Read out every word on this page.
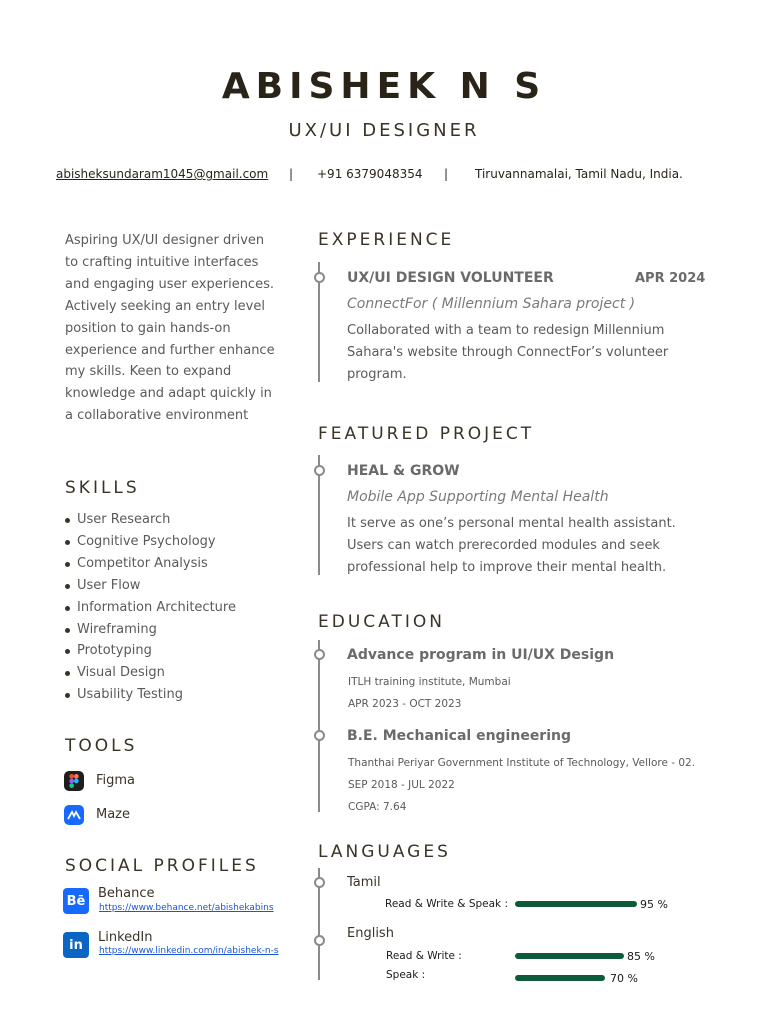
ABISHEK N S
UX/UI DESIGNER
abisheksundaram1045@gmail.com | +91 6379048354 | Tiruvannamalai, Tamil Nadu, India.

Aspiring UX/UI designer driven to crafting intuitive interfaces and engaging user experiences. Actively seeking an entry level position to gain hands-on experience and further enhance my skills. Keen to expand knowledge and adapt quickly in a collaborative environment

SKILLS
User Research
Cognitive Psychology
Competitor Analysis
User Flow
Information Architecture
Wireframing
Prototyping
Visual Design
Usability Testing
TOOLS
Figma
Maze
SOCIAL PROFILES
Bē Behance
https://www.behance.net/abishekabins
in	LinkedIn
https://www.linkedin.com/in/abishek-n-s
EXPERIENCE
UX/UI DESIGN VOLUNTEER	APR 2024
ConnectFor ( Millennium Sahara project )
Collaborated with a team to redesign Millennium Sahara's website through ConnectFor’s volunteer program.
FEATURED PROJECT
HEAL & GROW
Mobile App Supporting Mental Health
It serve as one’s personal mental health assistant. Users can watch prerecorded modules and seek professional help to improve their mental health.
EDUCATION
Advance program in UI/UX Design
ITLH training institute, Mumbai
APR 2023 - OCT 2023
B.E. Mechanical engineering
Thanthai Periyar Government Institute of Technology, Vellore - 02.
SEP 2018 - JUL 2022
CGPA: 7.64
LANGUAGES
Tamil
Read & Write & Speak :	95 %
English
Read & Write :	85 %
Speak :	70 %
